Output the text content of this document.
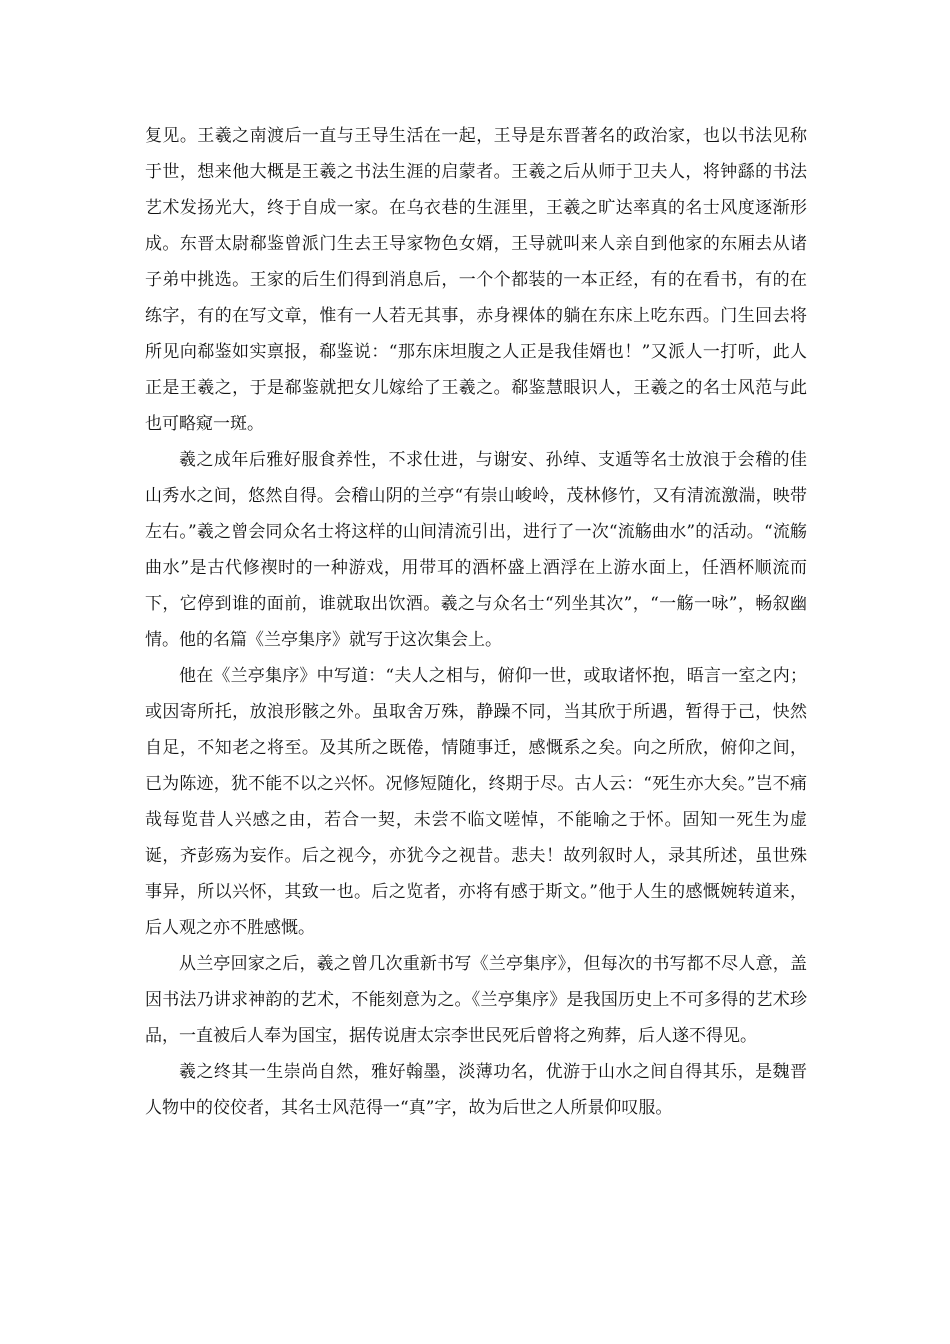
复见。王羲之南渡后一直与王导生活在一起，王导是东晋著名的政治家，也以书法见称于世，想来他大概是王羲之书法生涯的启蒙者。王羲之后从师于卫夫人，将钟繇的书法艺术发扬光大，终于自成一家。在乌衣巷的生涯里，王羲之旷达率真的名士风度逐渐形成。东晋太尉郗鉴曾派门生去王导家物色女婿，王导就叫来人亲自到他家的东厢去从诸子弟中挑选。王家的后生们得到消息后，一个个都装的一本正经，有的在看书，有的在练字，有的在写文章，惟有一人若无其事，赤身裸体的躺在东床上吃东西。门生回去将所见向郗鉴如实禀报，郗鉴说：“那东床坦腹之人正是我佳婿也！”又派人一打听，此人正是王羲之，于是郗鉴就把女儿嫁给了王羲之。郗鉴慧眼识人，王羲之的名士风范与此也可略窥一斑。

羲之成年后雅好服食养性，不求仕进，与谢安、孙绰、支遁等名士放浪于会稽的佳山秀水之间，悠然自得。会稽山阴的兰亭“有崇山峻岭，茂林修竹，又有清流激湍，映带左右。”羲之曾会同众名士将这样的山间清流引出，进行了一次“流觞曲水”的活动。“流觞曲水”是古代修禊时的一种游戏，用带耳的酒杯盛上酒浮在上游水面上，任酒杯顺流而下，它停到谁的面前，谁就取出饮酒。羲之与众名士“列坐其次”，“一觞一咏”，畅叙幽情。他的名篇《兰亭集序》就写于这次集会上。

他在《兰亭集序》中写道：“夫人之相与，俯仰一世，或取诸怀抱，晤言一室之内；或因寄所托，放浪形骸之外。虽取舍万殊，静躁不同，当其欣于所遇，暂得于己，快然自足，不知老之将至。及其所之既倦，情随事迁，感慨系之矣。向之所欣，俯仰之间，已为陈迹，犹不能不以之兴怀。况修短随化，终期于尽。古人云：“死生亦大矣。”岂不痛哉每览昔人兴感之由，若合一契，未尝不临文嗟悼，不能喻之于怀。固知一死生为虚诞，齐彭殇为妄作。后之视今，亦犹今之视昔。悲夫！故列叙时人，录其所述，虽世殊事异，所以兴怀，其致一也。后之览者，亦将有感于斯文。”他于人生的感慨婉转道来，后人观之亦不胜感慨。

从兰亭回家之后，羲之曾几次重新书写《兰亭集序》，但每次的书写都不尽人意，盖因书法乃讲求神韵的艺术，不能刻意为之。《兰亭集序》是我国历史上不可多得的艺术珍品，一直被后人奉为国宝，据传说唐太宗李世民死后曾将之殉葬，后人遂不得见。

羲之终其一生崇尚自然，雅好翰墨，淡薄功名，优游于山水之间自得其乐，是魏晋人物中的佼佼者，其名士风范得一“真”字，故为后世之人所景仰叹服。
